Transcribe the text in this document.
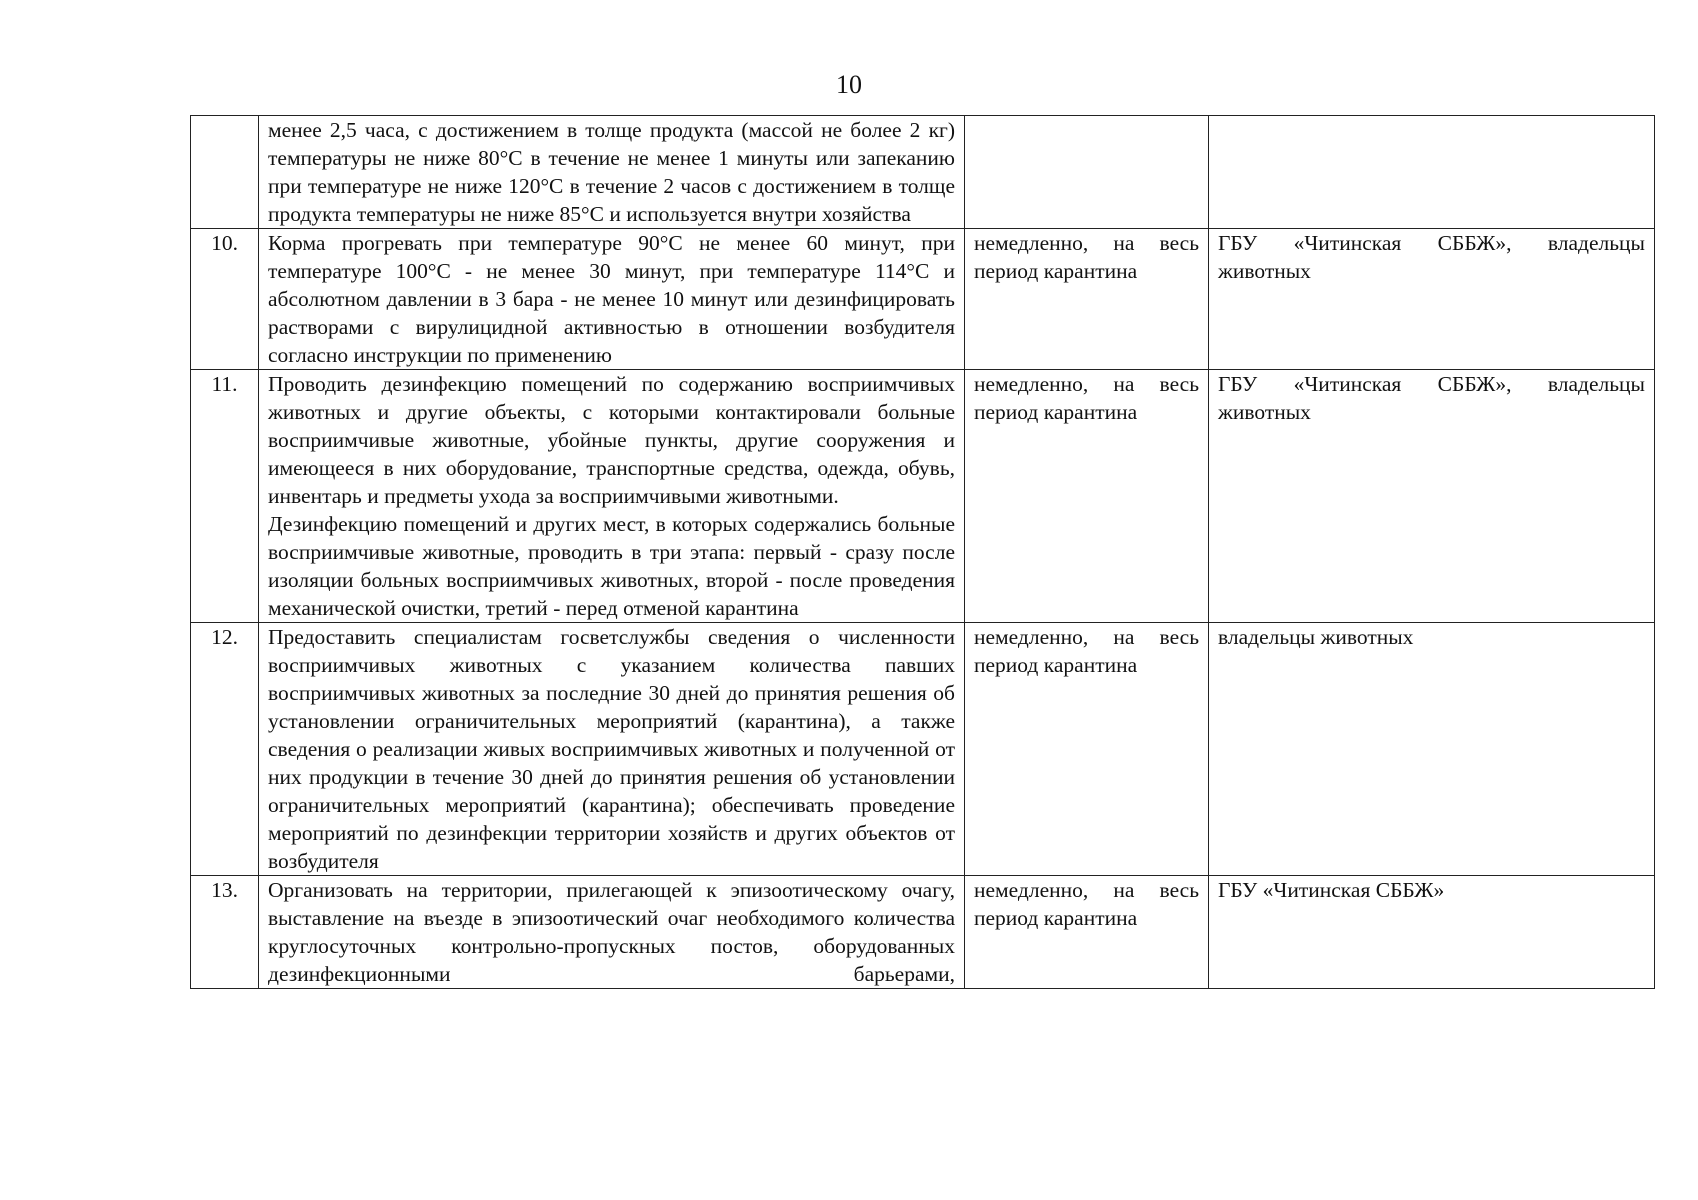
10

	менее 2,5 часа, с достижением в толще продукта (массой не более 2 кг) температуры не ниже 80°C в течение не менее 1 минуты или запеканию при температуре не ниже 120°C в течение 2 часов с достижением в толще продукта температуры не ниже 85°C и используется внутри хозяйства		

10.	Корма прогревать при температуре 90°C не менее 60 минут, при температуре 100°C - не менее 30 минут, при температуре 114°C и абсолютном давлении в 3 бара - не менее 10 минут или дезинфицировать растворами с вирулицидной активностью в отношении возбудителя согласно инструкции по применению	немедленно, на весь период карантина	ГБУ «Читинская СББЖ», владельцы животных
11.	Проводить дезинфекцию помещений по содержанию восприимчивых животных и другие объекты, с которыми контактировали больные восприимчивые животные, убойные пункты, другие сооружения и имеющееся в них оборудование, транспортные средства, одежда, обувь, инвентарь и предметы ухода за восприимчивыми животными.

Дезинфекцию помещений и других мест, в которых содержались больные восприимчивые животные, проводить в три этапа: первый - сразу после изоляции больных восприимчивых животных, второй - после проведения механической очистки, третий - перед отменой карантина	немедленно, на весь период карантина	ГБУ «Читинская СББЖ», владельцы животных
12.	Предоставить специалистам госветслужбы сведения о численности восприимчивых животных с указанием количества павших восприимчивых животных за последние 30 дней до принятия решения об установлении ограничительных мероприятий (карантина), а также сведения о реализации живых восприимчивых животных и полученной от них продукции в течение 30 дней до принятия решения об установлении ограничительных мероприятий (карантина); обеспечивать проведение мероприятий по дезинфекции территории хозяйств и других объектов от возбудителя	немедленно, на весь период карантина	владельцы животных
13.	Организовать на территории, прилегающей к эпизоотическому очагу, выставление на въезде в эпизоотический очаг необходимого количества круглосуточных контрольно-пропускных постов, оборудованных дезинфекционными барьерами,	немедленно, на весь период карантина	ГБУ «Читинская СББЖ»
